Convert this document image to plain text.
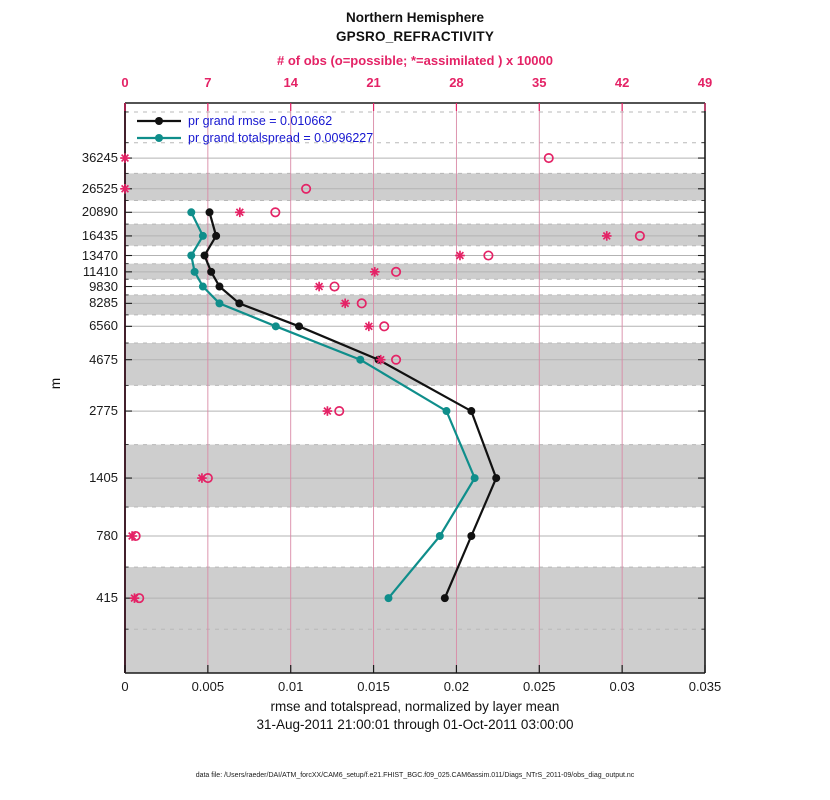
Northern Hemisphere
GPSRO_REFRACTIVITY
# of obs (o=possible; *=assimilated ) x 10000
0	7	14	21	28	35	42	49
36245
26525
20890
16435
13470
11410
9830
8285
6560
4675
2775
1405
780
415
0	0.005	0.01	0.015	0.02	0.025	0.03	0.035
m
pr grand rmse = 0.010662
pr grand totalspread = 0.0096227
rmse and totalspread, normalized by layer mean
31-Aug-2011 21:00:01 through 01-Oct-2011 03:00:00
data file: /Users/raeder/DAI/ATM_forcXX/CAM6_setup/f.e21.FHIST_BGC.f09_025.CAM6assim.011/Diags_NTrS_2011-09/obs_diag_output.nc
